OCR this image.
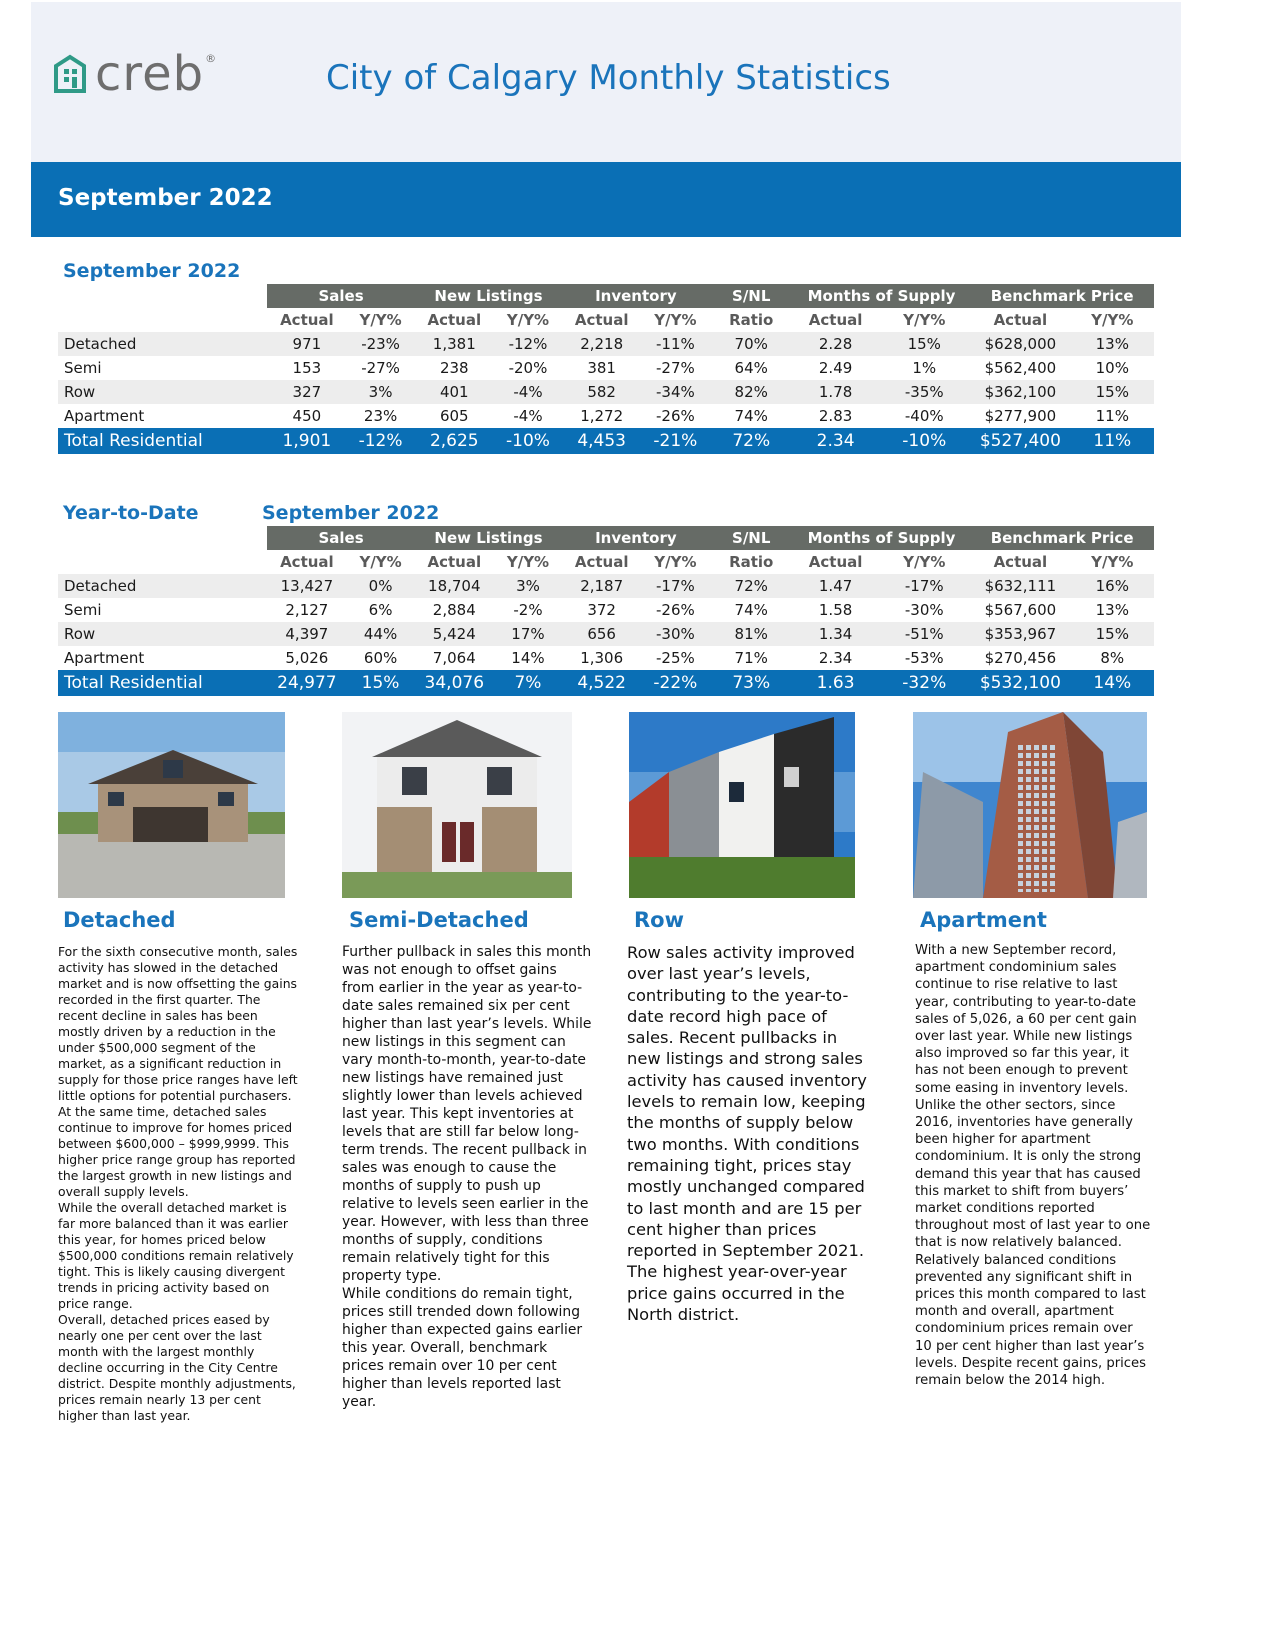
creb ®	City of Calgary Monthly Statistics
September 2022
September 2022
	Sales		New Listings		Inventory		S/NL	Months of Supply		Benchmark Price	
	Actual	Y/Y%	Actual	Y/Y%	Actual	Y/Y%	Ratio	Actual	Y/Y%	Actual	Y/Y%
Detached	971	-23%	1,381	-12%	2,218	-11%	70%	2.28	15%	$628,000	13%
Semi	153	-27%	238	-20%	381	-27%	64%	2.49	1%	$562,400	10%
Row	327	3%	401	-4%	582	-34%	82%	1.78	-35%	$362,100	15%
Apartment	450	23%	605	-4%	1,272	-26%	74%	2.83	-40%	$277,900	11%
Total Residential	1,901	-12%	2,625	-10%	4,453	-21%	72%	2.34	-10%	$527,400	11%
Year-to-Date	September 2022
	Sales		New Listings		Inventory		S/NL	Months of Supply		Benchmark Price	
	Actual	Y/Y%	Actual	Y/Y%	Actual	Y/Y%	Ratio	Actual	Y/Y%	Actual	Y/Y%
Detached	13,427	0%	18,704	3%	2,187	-17%	72%	1.47	-17%	$632,111	16%
Semi	2,127	6%	2,884	-2%	372	-26%	74%	1.58	-30%	$567,600	13%
Row	4,397	44%	5,424	17%	656	-30%	81%	1.34	-51%	$353,967	15%
Apartment	5,026	60%	7,064	14%	1,306	-25%	71%	2.34	-53%	$270,456	8%
Total Residential	24,977	15%	34,076	7%	4,522	-22%	73%	1.63	-32%	$532,100	14%
Detached	Semi-Detached	Row	Apartment

For the sixth consecutive month, sales activity has slowed in the detached market and is now offsetting the gains recorded in the first quarter. The recent decline in sales has been mostly driven by a reduction in the under $500,000 segment of the market, as a significant reduction in supply for those price ranges have left little options for potential purchasers. At the same time, detached sales continue to improve for homes priced between $600,000 – $999,9999. This higher price range group has reported the largest growth in new listings and overall supply levels.

While the overall detached market is far more balanced than it was earlier this year, for homes priced below $500,000 conditions remain relatively tight. This is likely causing divergent trends in pricing activity based on price range.

Overall, detached prices eased by nearly one per cent over the last month with the largest monthly decline occurring in the City Centre district. Despite monthly adjustments, prices remain nearly 13 per cent higher than last year.

Further pullback in sales this month was not enough to offset gains from earlier in the year as year-to-date sales remained six per cent higher than last year’s levels. While new listings in this segment can vary month-to-month, year-to-date new listings have remained just slightly lower than levels achieved last year. This kept inventories at levels that are still far below long-term trends. The recent pullback in sales was enough to cause the months of supply to push up relative to levels seen earlier in the year. However, with less than three months of supply, conditions remain relatively tight for this property type.

While conditions do remain tight, prices still trended down following higher than expected gains earlier this year. Overall, benchmark prices remain over 10 per cent higher than levels reported last year.

Row sales activity improved over last year’s levels, contributing to the year-to-date record high pace of sales. Recent pullbacks in new listings and strong sales activity has caused inventory levels to remain low, keeping the months of supply below two months. With conditions remaining tight, prices stay mostly unchanged compared to last month and are 15 per cent higher than prices reported in September 2021. The highest year-over-year price gains occurred in the North district.

With a new September record, apartment condominium sales continue to rise relative to last year, contributing to year-to-date sales of 5,026, a 60 per cent gain over last year. While new listings also improved so far this year, it has not been enough to prevent some easing in inventory levels. Unlike the other sectors, since 2016, inventories have generally been higher for apartment condominium. It is only the strong demand this year that has caused this market to shift from buyers’ market conditions reported throughout most of last year to one that is now relatively balanced.

Relatively balanced conditions prevented any significant shift in prices this month compared to last month and overall, apartment condominium prices remain over 10 per cent higher than last year’s levels. Despite recent gains, prices remain below the 2014 high.
